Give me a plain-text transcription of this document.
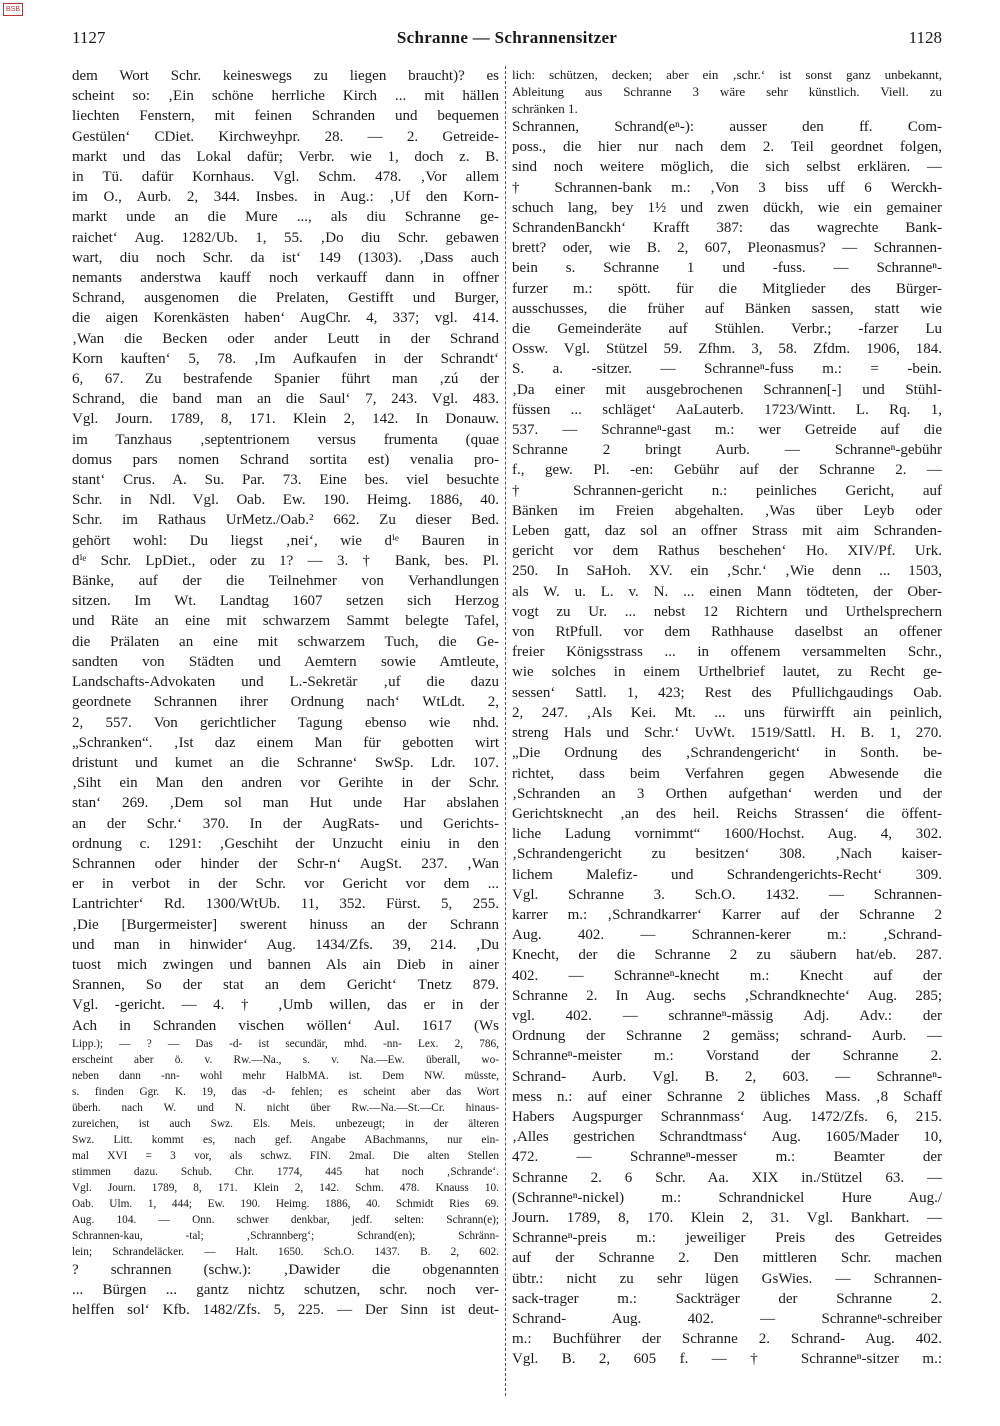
BSB
1127	Schranne — Schrannensitzer	1128

dem Wort Schr. keineswegs zu liegen braucht)? es

scheint so: ‚Ein schöne herrliche Kirch ... mit hällen

liechten Fenstern, mit feinen Schranden und bequemen

Gestülen‘ CDiet. Kirchweyhpr. 28. — 2. Getreide-

markt und das Lokal dafür; Verbr. wie 1, doch z. B.

in Tü. dafür Kornhaus. Vgl. Schm. 478. ‚Vor allem

im O., Aurb. 2, 344. Insbes. in Aug.: ‚Uf den Korn-

markt unde an die Mure ..., als diu Schranne ge-

raichet‘ Aug. 1282/Ub. 1, 55. ‚Do diu Schr. gebawen

wart, diu noch Schr. da ist‘ 149 (1303). ‚Dass auch

nemants anderstwa kauff noch verkauff dann in offner

Schrand, ausgenomen die Prelaten, Gestifft und Burger,

die aigen Korenkästen haben‘ AugChr. 4, 337; vgl. 414.

‚Wan die Becken oder ander Leutt in der Schrand

Korn kauften‘ 5, 78. ‚Im Aufkaufen in der Schrandt‘

6, 67. Zu bestrafende Spanier führt man ‚zú der

Schrand, die band man an die Saul‘ 7, 243. Vgl. 483.

Vgl. Journ. 1789, 8, 171. Klein 2, 142. In Donauw.

im Tanzhaus ‚septentrionem versus frumenta (quae

domus pars nomen Schrand sortita est) venalia pro-

stant‘ Crus. A. Su. Par. 73. Eine bes. viel besuchte

Schr. in Ndl. Vgl. Oab. Ew. 190. Heimg. 1886, 40.

Schr. im Rathaus UrMetz./Oab.² 662. Zu dieser Bed.

gehört wohl: Du liegst ‚nei‘, wie dⁱᵉ Bauren in

dⁱᵉ Schr. LpDiet., oder zu 1? — 3. † Bank, bes. Pl.

Bänke, auf der die Teilnehmer von Verhandlungen

sitzen. Im Wt. Landtag 1607 setzen sich Herzog

und Räte an eine mit schwarzem Sammt belegte Tafel,

die Prälaten an eine mit schwarzem Tuch, die Ge-

sandten von Städten und Aemtern sowie Amtleute,

Landschafts-Advokaten und L.-Sekretär ‚uf die dazu

geordnete Schrannen ihrer Ordnung nach‘ WtLdt. 2,

2, 557. Von gerichtlicher Tagung ebenso wie nhd.

„Schranken“. ‚Ist daz einem Man für gebotten wirt

dristunt und kumet an die Schranne‘ SwSp. Ldr. 107.

‚Siht ein Man den andren vor Gerihte in der Schr.

stan‘ 269. ‚Dem sol man Hut unde Har abslahen

an der Schr.‘ 370. In der AugRats- und Gerichts-

ordnung c. 1291: ‚Geschiht der Unzucht einiu in den

Schrannen oder hinder der Schr-n‘ AugSt. 237. ‚Wan

er in verbot in der Schr. vor Gericht vor dem ...

Lantrichter‘ Rd. 1300/WtUb. 11, 352. Fürst. 5, 255.

‚Die [Burgermeister] swerent hinuss an der Schrann

und man in hinwider‘ Aug. 1434/Zfs. 39, 214. ‚Du

tuost mich zwingen und bannen Als ain Dieb in ainer

Srannen, So der stat an dem Gericht‘ Tnetz 879.

Vgl. -gericht. — 4. † ‚Umb willen, das er in der

Ach in Schranden vischen wöllen‘ Aul. 1617 (Ws

Lipp.); — ? — Das -d- ist secundär, mhd. -nn- Lex. 2, 786,

erscheint aber ö. v. Rw.—Na., s. v. Na.—Ew. überall, wo-

neben dann -nn- wohl mehr HalbMA. ist. Dem NW. müsste,

s. finden Ggr. K. 19, das -d- fehlen; es scheint aber das Wort

überh. nach W. und N. nicht über Rw.—Na.—St.—Cr. hinaus-

zureichen, ist auch Swz. Els. Meis. unbezeugt; in der älteren

Swz. Litt. kommt es, nach gef. Angabe ABachmanns, nur ein-

mal XVI = 3 vor, als schwz. FIN. 2mal. Die alten Stellen

stimmen dazu. Schub. Chr. 1774, 445 hat noch ‚Schrande‘.

Vgl. Journ. 1789, 8, 171. Klein 2, 142. Schm. 478. Knauss 10.

Oab. Ulm. 1, 444; Ew. 190. Heimg. 1886, 40. Schmidt Ries 69.

Aug. 104. — Onn. schwer denkbar, jedf. selten: Schrann(e);

Schrannen-kau, -tal; ‚Schrannberg‘; Schrand(en); Schränn-

lein; Schrandeläcker. — Halt. 1650. Sch.O. 1437. B. 2, 602.

? schrannen (schw.): ‚Dawider die obgenannten

... Bürgen ... gantz nichtz schutzen, schr. noch ver-

helffen sol‘ Kfb. 1482/Zfs. 5, 225. — Der Sinn ist deut-

lich: schützen, decken; aber ein ‚schr.‘ ist sonst ganz unbekannt,

Ableitung aus Schranne 3 wäre sehr künstlich. Viell. zu

schränken 1.

Schrannen, Schrand(eⁿ-): ausser den ff. Com-

poss., die hier nur nach dem 2. Teil geordnet folgen,

sind noch weitere möglich, die sich selbst erklären. —

† Schrannen-bank m.: ‚Von 3 biss uff 6 Werckh-

schuch lang, bey 1½ und zwen dückh, wie ein gemainer

SchrandenBanckh‘ Krafft 387: das wagrechte Bank-

brett? oder, wie B. 2, 607, Pleonasmus? — Schrannen-

bein s. Schranne 1 und -fuss. — Schranneⁿ-

furzer m.: spött. für die Mitglieder des Bürger-

ausschusses, die früher auf Bänken sassen, statt wie

die Gemeinderäte auf Stühlen. Verbr.; -farzer Lu

Ossw. Vgl. Stützel 59. Zfhm. 3, 58. Zfdm. 1906, 184.

S. a. -sitzer. — Schranneⁿ-fuss m.: = -bein.

‚Da einer mit ausgebrochenen Schrannen[-] und Stühl-

füssen ... schläget‘ AaLauterb. 1723/Wintt. L. Rq. 1,

537. — Schranneⁿ-gast m.: wer Getreide auf die

Schranne 2 bringt Aurb. — Schranneⁿ-gebühr

f., gew. Pl. -en: Gebühr auf der Schranne 2. —

† Schrannen-gericht n.: peinliches Gericht, auf

Bänken im Freien abgehalten. ‚Was über Leyb oder

Leben gatt, daz sol an offner Strass mit aim Schranden-

gericht vor dem Rathus beschehen‘ Ho. XIV/Pf. Urk.

250. In SaHoh. XV. ein ‚Schr.‘ ‚Wie denn ... 1503,

als W. u. L. v. N. ... einen Mann tödteten, der Ober-

vogt zu Ur. ... nebst 12 Richtern und Urthelsprechern

von RtPfull. vor dem Rathhause daselbst an offener

freier Königsstrass ... in offenem versammelten Schr.,

wie solches in einem Urthelbrief lautet, zu Recht ge-

sessen‘ Sattl. 1, 423; Rest des Pfullichgaudings Oab.

2, 247. ‚Als Kei. Mt. ... uns fürwirfft ain peinlich,

streng Hals und Schr.‘ UvWt. 1519/Sattl. H. B. 1, 270.

„Die Ordnung des ‚Schrandengericht‘ in Sonth. be-

richtet, dass beim Verfahren gegen Abwesende die

‚Schranden an 3 Orthen aufgethan‘ werden und der

Gerichtsknecht ‚an des heil. Reichs Strassen‘ die öffent-

liche Ladung vornimmt“ 1600/Hochst. Aug. 4, 302.

‚Schrandengericht zu besitzen‘ 308. ‚Nach kaiser-

lichem Malefiz- und Schrandengerichts-Recht‘ 309.

Vgl. Schranne 3. Sch.O. 1432. — Schrannen-

karrer m.: ‚Schrandkarrer‘ Karrer auf der Schranne 2

Aug. 402. — Schrannen-kerer m.: ‚Schrand-

Knecht, der die Schranne 2 zu säubern hat/eb. 287.

402. — Schranneⁿ-knecht m.: Knecht auf der

Schranne 2. In Aug. sechs ‚Schrandknechte‘ Aug. 285;

vgl. 402. — schranneⁿ-mässig Adj. Adv.: der

Ordnung der Schranne 2 gemäss; schrand- Aurb. —

Schranneⁿ-meister m.: Vorstand der Schranne 2.

Schrand- Aurb. Vgl. B. 2, 603. — Schranneⁿ-

mess n.: auf einer Schranne 2 übliches Mass. ‚8 Schaff

Habers Augspurger Schrannmass‘ Aug. 1472/Zfs. 6, 215.

‚Alles gestrichen Schrandtmass‘ Aug. 1605/Mader 10,

472. — Schranneⁿ-messer m.: Beamter der

Schranne 2. 6 Schr. Aa. XIX in./Stützel 63. —

(Schranneⁿ-nickel) m.: Schrandnickel Hure Aug./

Journ. 1789, 8, 170. Klein 2, 31. Vgl. Bankhart. —

Schranneⁿ-preis m.: jeweiliger Preis des Getreides

auf der Schranne 2. Den mittleren Schr. machen

übtr.: nicht zu sehr lügen GsWies. — Schrannen-

sack-trager m.: Sackträger der Schranne 2.

Schrand- Aug. 402. — Schranneⁿ-schreiber

m.: Buchführer der Schranne 2. Schrand- Aug. 402.

Vgl. B. 2, 605 f. — † Schranneⁿ-sitzer m.:
